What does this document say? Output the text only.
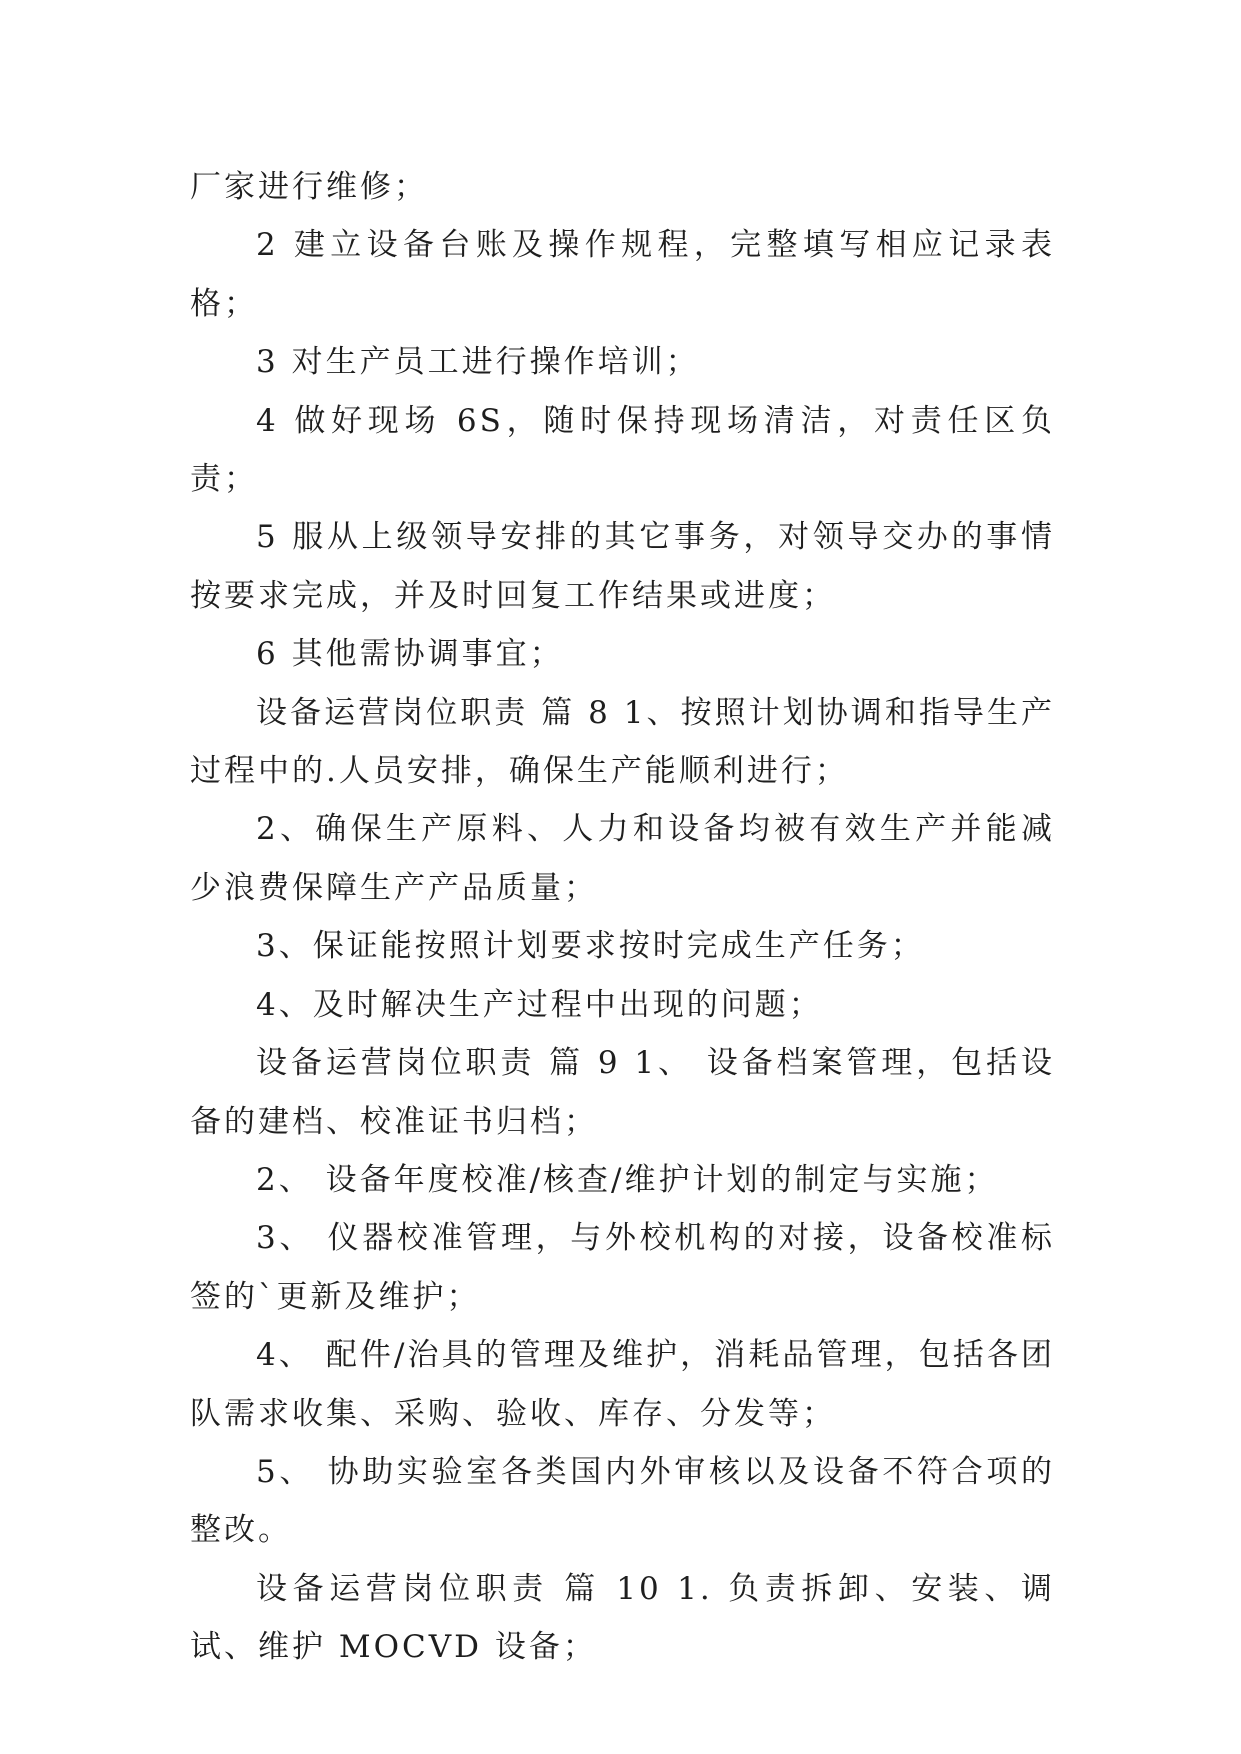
厂家进行维修；

2 建立设备台账及操作规程，完整填写相应记录表格；

3 对生产员工进行操作培训；

4 做好现场 6S，随时保持现场清洁，对责任区负责；

5 服从上级领导安排的其它事务，对领导交办的事情按要求完成，并及时回复工作结果或进度；

6 其他需协调事宜；

设备运营岗位职责 篇 8 1、按照计划协调和指导生产过程中的.人员安排，确保生产能顺利进行；

2、确保生产原料、人力和设备均被有效生产并能减少浪费保障生产产品质量；

3、保证能按照计划要求按时完成生产任务；

4、及时解决生产过程中出现的问题；

设备运营岗位职责 篇 9 1、 设备档案管理，包括设备的建档、校准证书归档；

2、 设备年度校准/核查/维护计划的制定与实施；

3、 仪器校准管理，与外校机构的对接，设备校准标签的`更新及维护；

4、 配件/治具的管理及维护，消耗品管理，包括各团队需求收集、采购、验收、库存、分发等；

5、 协助实验室各类国内外审核以及设备不符合项的整改。

设备运营岗位职责 篇 10 1. 负责拆卸、安装、调试、维护 MOCVD 设备；
